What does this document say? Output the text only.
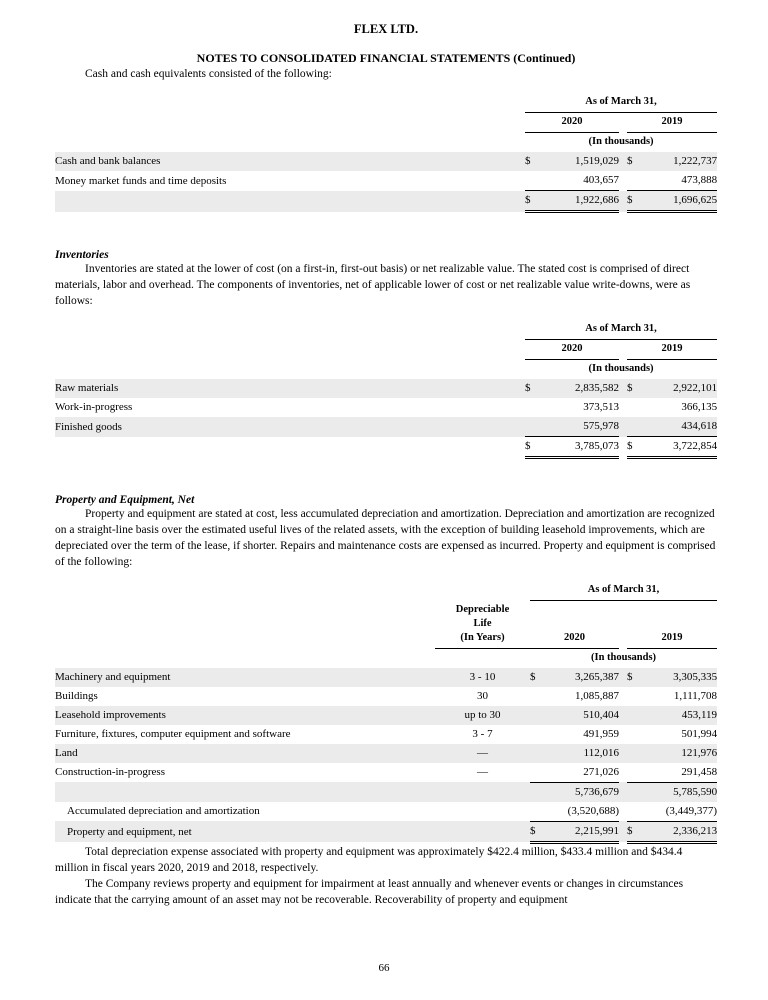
FLEX LTD.

NOTES TO CONSOLIDATED FINANCIAL STATEMENTS (Continued)

Cash and cash equivalents consisted of the following:

	As of March 31,				
	2020			2019	
	(In thousands)				
Cash and bank balances	$	1,519,029		$	1,222,737
Money market funds and time deposits		403,657			473,888
	$	1,922,686		$	1,696,625

Inventories

Inventories are stated at the lower of cost (on a first-in, first-out basis) or net realizable value. The stated cost is comprised of direct materials, labor and overhead. The components of inventories, net of applicable lower of cost or net realizable value write-downs, were as follows:

	As of March 31,				
	2020			2019	
	(In thousands)				
Raw materials	$	2,835,582		$	2,922,101
Work-in-progress		373,513			366,135
Finished goods		575,978			434,618
	$	3,785,073		$	3,722,854

Property and Equipment, Net

Property and equipment are stated at cost, less accumulated depreciation and amortization. Depreciation and amortization are recognized on a straight-line basis over the estimated useful lives of the related assets, with the exception of building leasehold improvements, which are depreciated over the term of the lease, if shorter. Repairs and maintenance costs are expensed as incurred. Property and equipment is comprised of the following:

		As of March 31,				

	Depreciable
Life
(In Years)	2020			2019	
		(In thousands)				
Machinery and equipment	3 - 10	$	3,265,387		$	3,305,335
Buildings	30		1,085,887			1,111,708
Leasehold improvements	up to 30		510,404			453,119
Furniture, fixtures, computer equipment and software	3 - 7		491,959			501,994
Land	—		112,016			121,976
Construction-in-progress	—		271,026			291,458
			5,736,679			5,785,590
Accumulated depreciation and amortization			(3,520,688)			(3,449,377)
Property and equipment, net		$	2,215,991		$	2,336,213

Total depreciation expense associated with property and equipment was approximately $422.4 million, $433.4 million and $434.4 million in fiscal years 2020, 2019 and 2018, respectively.

The Company reviews property and equipment for impairment at least annually and whenever events or changes in circumstances indicate that the carrying amount of an asset may not be recoverable. Recoverability of property and equipment

66
